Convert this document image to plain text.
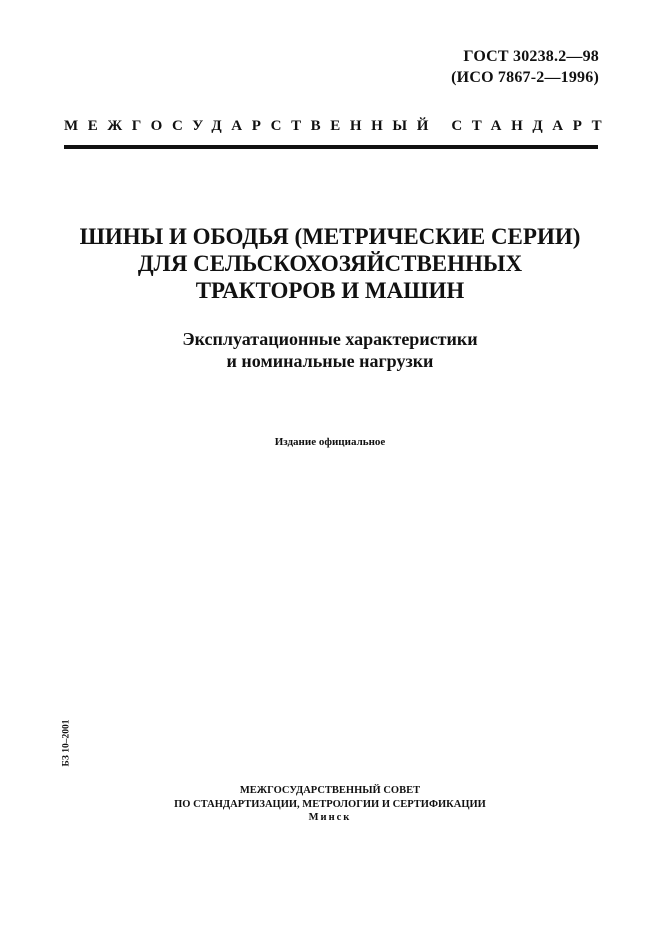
ГОСТ 30238.2—98
(ИСО 7867-2—1996)
МЕЖГОСУДАРСТВЕННЫЙ СТАНДАРТ
ШИНЫ И ОБОДЬЯ (МЕТРИЧЕСКИЕ СЕРИИ)
ДЛЯ СЕЛЬСКОХОЗЯЙСТВЕННЫХ
ТРАКТОРОВ И МАШИН
Эксплуатационные характеристики
и номинальные нагрузки
Издание официальное
БЗ 10–2001
МЕЖГОСУДАРСТВЕННЫЙ СОВЕТ
ПО СТАНДАРТИЗАЦИИ, МЕТРОЛОГИИ И СЕРТИФИКАЦИИ
Минск
